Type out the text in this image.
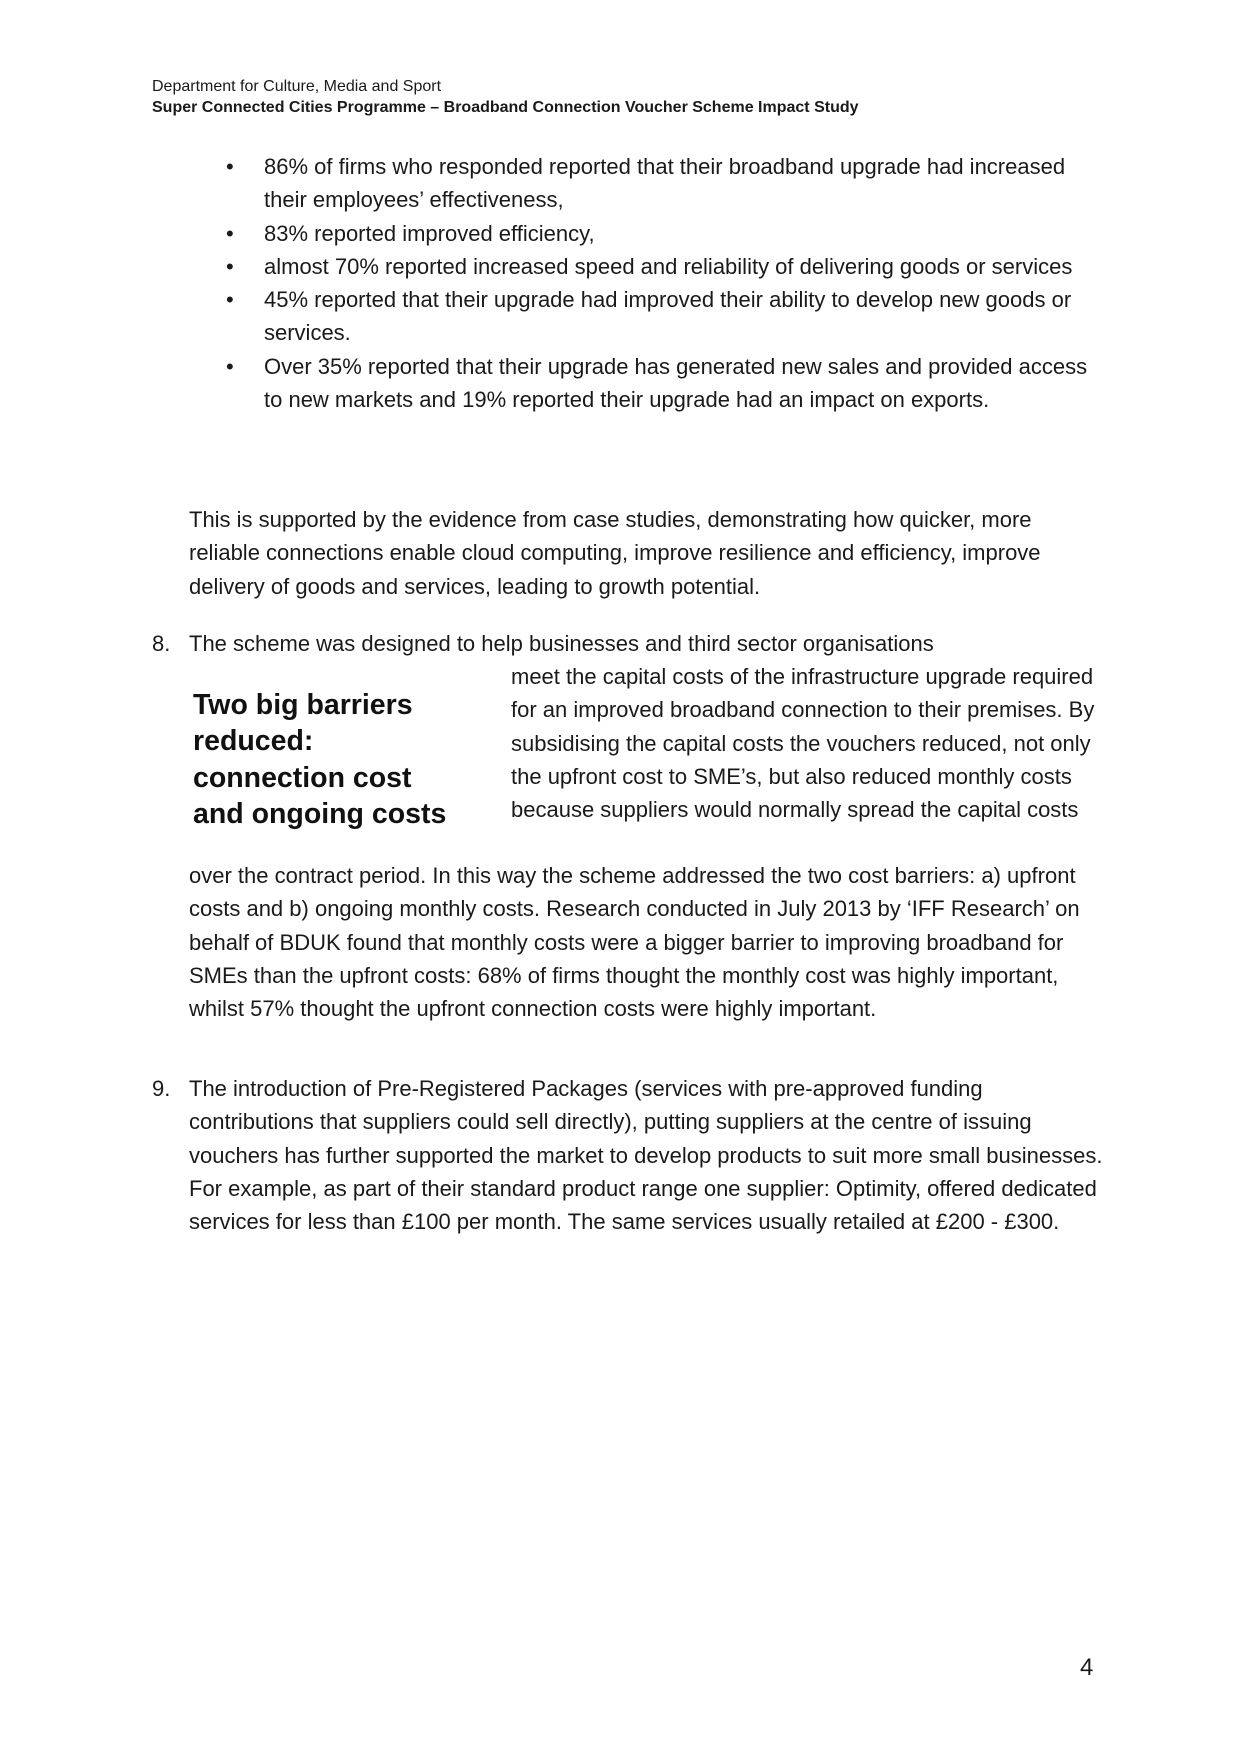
Department for Culture, Media and Sport
Super Connected Cities Programme – Broadband Connection Voucher Scheme Impact Study
• 86% of firms who responded reported that their broadband upgrade had increased their employees’ effectiveness,
• 83% reported improved efficiency,
• almost 70% reported increased speed and reliability of delivering goods or services
• 45% reported that their upgrade had improved their ability to develop new goods or services.
• Over 35% reported that their upgrade has generated new sales and provided access to new markets and 19% reported their upgrade had an impact on exports.

This is supported by the evidence from case studies, demonstrating how quicker, more reliable connections enable cloud computing, improve resilience and efficiency, improve delivery of goods and services, leading to growth potential.

8. The scheme was designed to help businesses and third sector organisations

Two big barriers reduced: connection cost and ongoing costs

meet the capital costs of the infrastructure upgrade required for an improved broadband connection to their premises. By subsidising the capital costs the vouchers reduced, not only the upfront cost to SME’s, but also reduced monthly costs because suppliers would normally spread the capital costs

over the contract period. In this way the scheme addressed the two cost barriers: a) upfront costs and b) ongoing monthly costs. Research conducted in July 2013 by ‘IFF Research’ on behalf of BDUK found that monthly costs were a bigger barrier to improving broadband for SMEs than the upfront costs: 68% of firms thought the monthly cost was highly important, whilst 57% thought the upfront connection costs were highly important.

9. The introduction of Pre-Registered Packages (services with pre-approved funding contributions that suppliers could sell directly), putting suppliers at the centre of issuing vouchers has further supported the market to develop products to suit more small businesses. For example, as part of their standard product range one supplier: Optimity, offered dedicated services for less than £100 per month. The same services usually retailed at £200 - £300.

4
